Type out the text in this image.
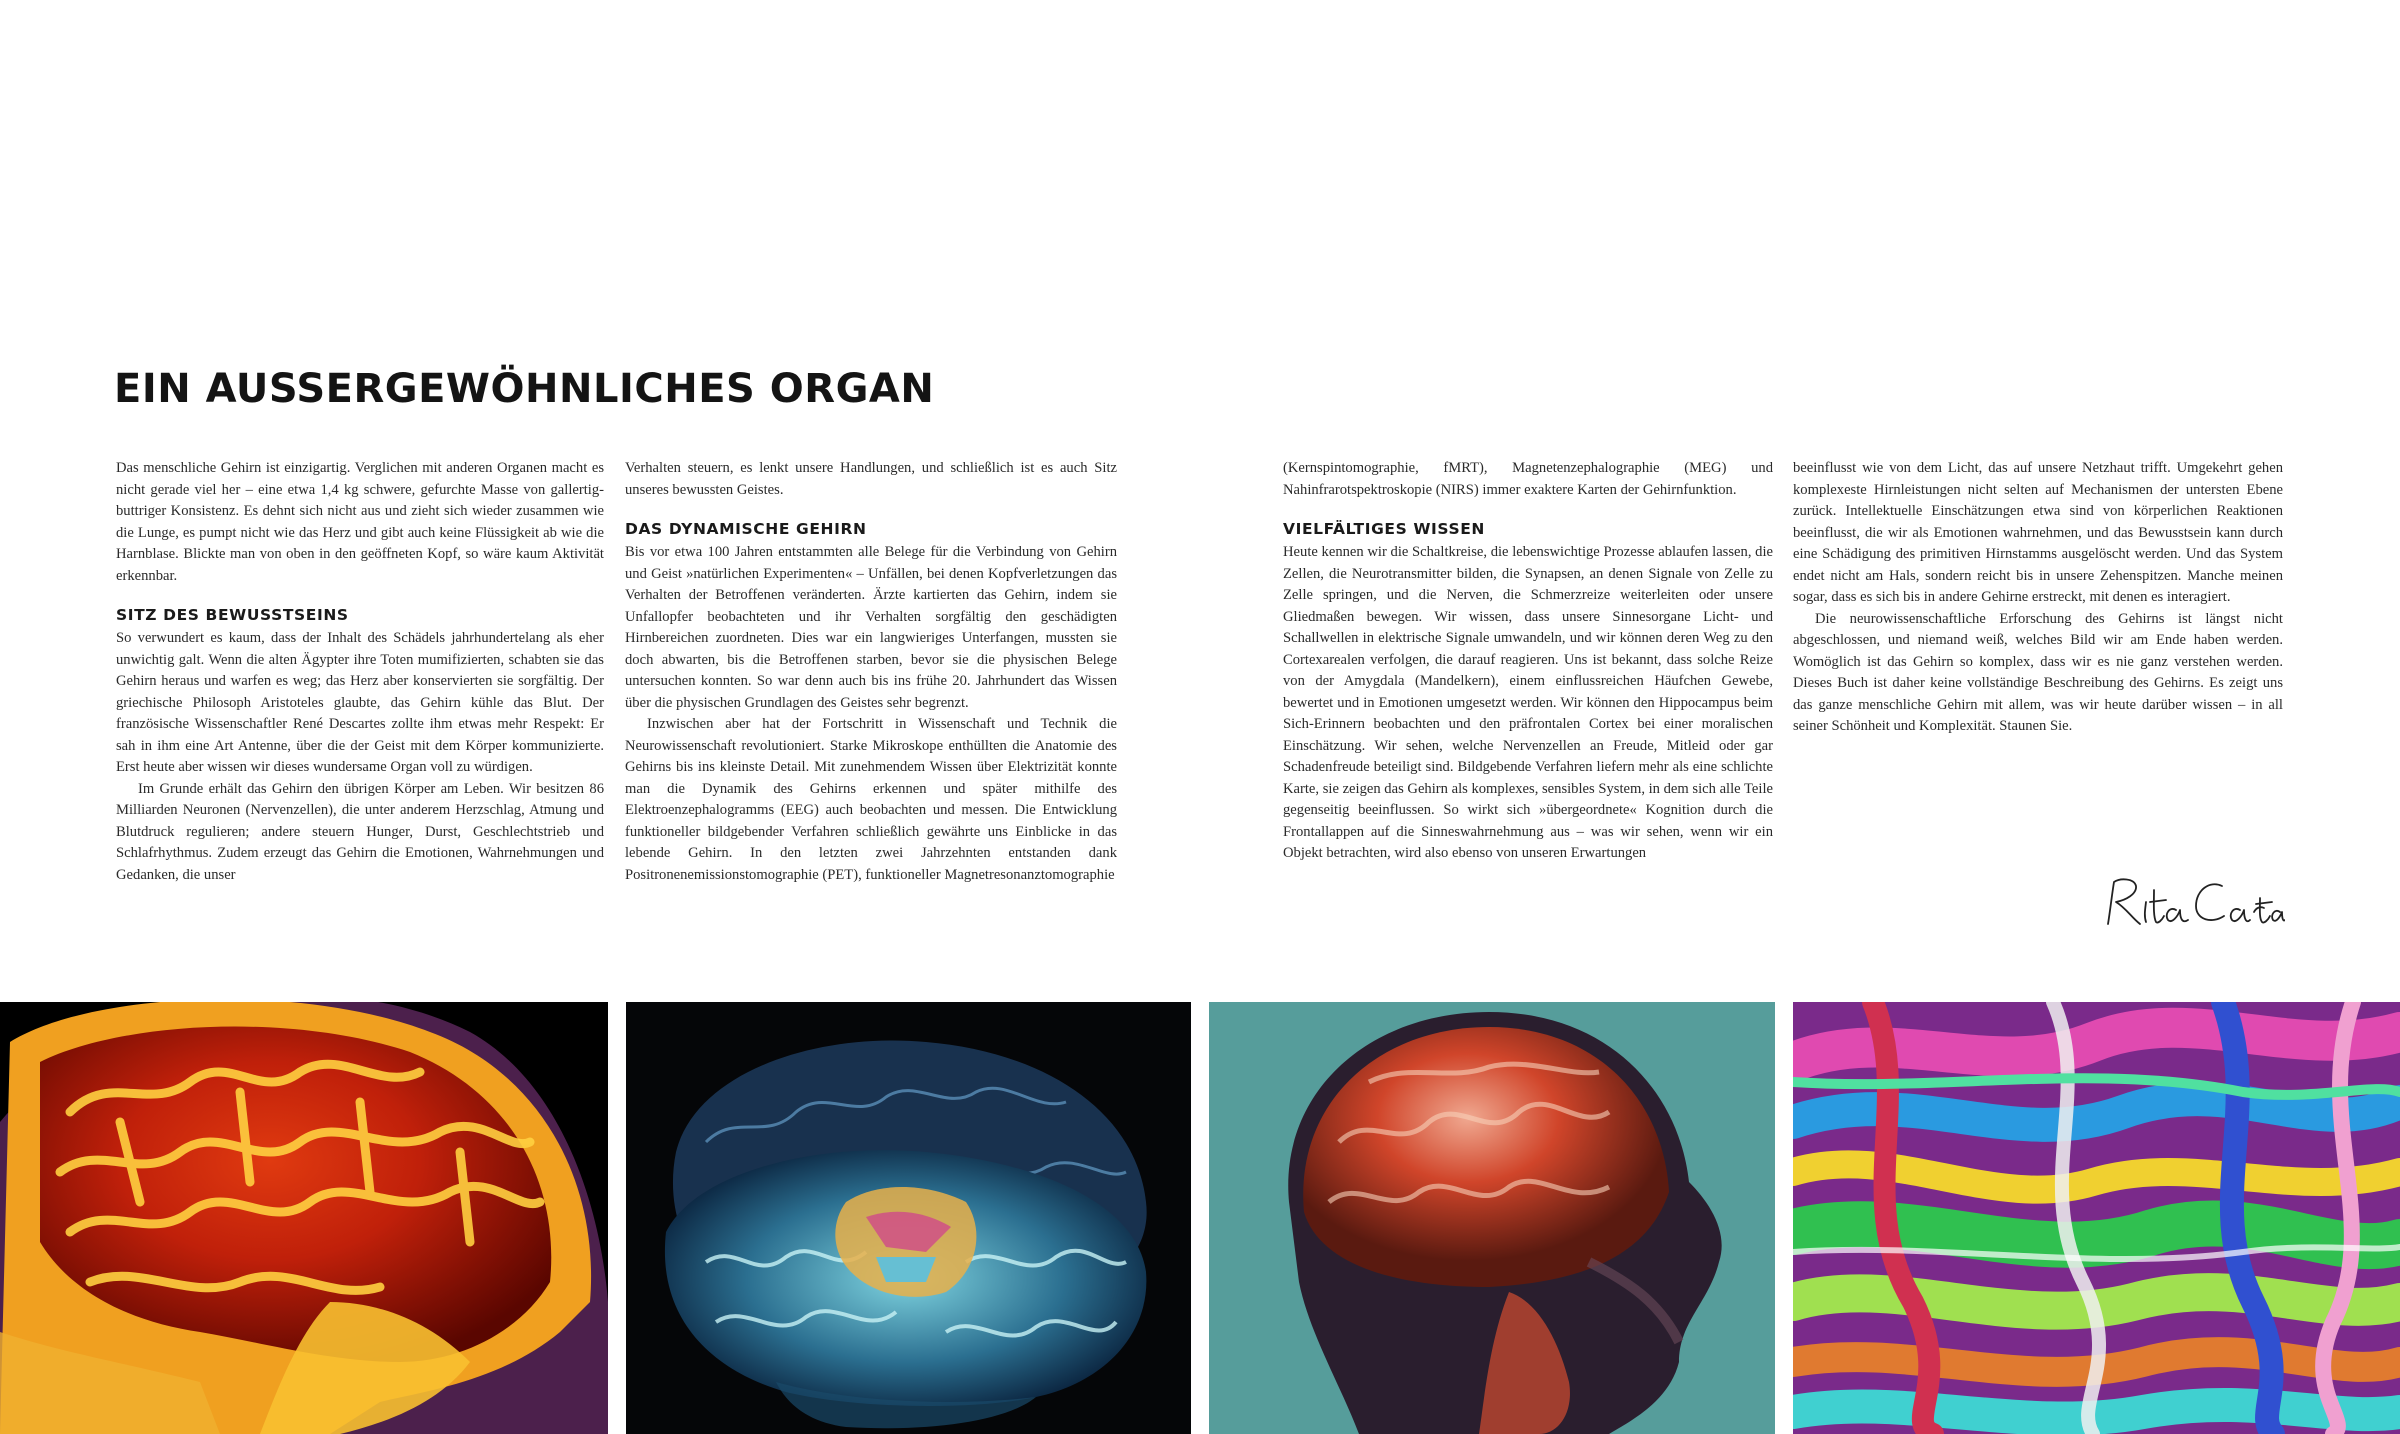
EIN AUSSERGEWÖHNLICHES ORGAN

Das menschliche Gehirn ist einzigartig. Verglichen mit anderen Organen macht es nicht gerade viel her – eine etwa 1,4 kg schwere, gefurchte Masse von gallertig-buttriger Konsistenz. Es dehnt sich nicht aus und zieht sich wieder zusammen wie die Lunge, es pumpt nicht wie das Herz und gibt auch keine Flüssigkeit ab wie die Harnblase. Blickte man von oben in den geöffneten Kopf, so wäre kaum Aktivität erkennbar.

SITZ DES BEWUSSTSEINS

So verwundert es kaum, dass der Inhalt des Schädels jahrhundertelang als eher unwichtig galt. Wenn die alten Ägypter ihre Toten mumifizierten, schabten sie das Gehirn heraus und warfen es weg; das Herz aber konservierten sie sorgfältig. Der griechische Philosoph Aristoteles glaubte, das Gehirn kühle das Blut. Der französische Wissenschaftler René Descartes zollte ihm etwas mehr Respekt: Er sah in ihm eine Art Antenne, über die der Geist mit dem Körper kommunizierte. Erst heute aber wissen wir dieses wundersame Organ voll zu würdigen.

Im Grunde erhält das Gehirn den übrigen Körper am Leben. Wir besitzen 86 Milliarden Neuronen (Nervenzellen), die unter anderem Herzschlag, Atmung und Blutdruck regulieren; andere steuern Hunger, Durst, Geschlechtstrieb und Schlafrhythmus. Zudem erzeugt das Gehirn die Emotionen, Wahrnehmungen und Gedanken, die unser

Verhalten steuern, es lenkt unsere Handlungen, und schließlich ist es auch Sitz unseres bewussten Geistes.

DAS DYNAMISCHE GEHIRN

Bis vor etwa 100 Jahren entstammten alle Belege für die Verbindung von Gehirn und Geist »natürlichen Experimenten« – Unfällen, bei denen Kopfverletzungen das Verhalten der Betroffenen veränderten. Ärzte kartierten das Gehirn, indem sie Unfallopfer beobachteten und ihr Verhalten sorgfältig den geschädigten Hirnbereichen zuordneten. Dies war ein langwieriges Unterfangen, mussten sie doch abwarten, bis die Betroffenen starben, bevor sie die physischen Belege untersuchen konnten. So war denn auch bis ins frühe 20. Jahrhundert das Wissen über die physischen Grundlagen des Geistes sehr begrenzt.

Inzwischen aber hat der Fortschritt in Wissenschaft und Technik die Neurowissenschaft revolutioniert. Starke Mikroskope enthüllten die Anatomie des Gehirns bis ins kleinste Detail. Mit zunehmendem Wissen über Elektrizität konnte man die Dynamik des Gehirns erkennen und später mithilfe des Elektroenzephalogramms (EEG) auch beobachten und messen. Die Entwicklung funktioneller bildgebender Verfahren schließlich gewährte uns Einblicke in das lebende Gehirn. In den letzten zwei Jahrzehnten entstanden dank Positronenemissionstomographie (PET), funktioneller Magnetresonanztomographie

(Kernspintomographie, fMRT), Magnetenzephalographie (MEG) und Nahinfrarotspektroskopie (NIRS) immer exaktere Karten der Gehirnfunktion.

VIELFÄLTIGES WISSEN

Heute kennen wir die Schaltkreise, die lebenswichtige Prozesse ablaufen lassen, die Zellen, die Neurotransmitter bilden, die Synapsen, an denen Signale von Zelle zu Zelle springen, und die Nerven, die Schmerzreize weiterleiten oder unsere Gliedmaßen bewegen. Wir wissen, dass unsere Sinnesorgane Licht- und Schallwellen in elektrische Signale umwandeln, und wir können deren Weg zu den Cortexarealen verfolgen, die darauf reagieren. Uns ist bekannt, dass solche Reize von der Amygdala (Mandelkern), einem einflussreichen Häufchen Gewebe, bewertet und in Emotionen umgesetzt werden. Wir können den Hippocampus beim Sich-Erinnern beobachten und den präfrontalen Cortex bei einer moralischen Einschätzung. Wir sehen, welche Nervenzellen an Freude, Mitleid oder gar Schadenfreude beteiligt sind. Bildgebende Verfahren liefern mehr als eine schlichte Karte, sie zeigen das Gehirn als komplexes, sensibles System, in dem sich alle Teile gegenseitig beeinflussen. So wirkt sich »übergeordnete« Kognition durch die Frontallappen auf die Sinneswahrnehmung aus – was wir sehen, wenn wir ein Objekt betrachten, wird also ebenso von unseren Erwartungen

beeinflusst wie von dem Licht, das auf unsere Netzhaut trifft. Umgekehrt gehen komplexeste Hirnleistungen nicht selten auf Mechanismen der untersten Ebene zurück. Intellektuelle Einschätzungen etwa sind von körperlichen Reaktionen beeinflusst, die wir als Emotionen wahrnehmen, und das Bewusstsein kann durch eine Schädigung des primitiven Hirnstamms ausgelöscht werden. Und das System endet nicht am Hals, sondern reicht bis in unsere Zehenspitzen. Manche meinen sogar, dass es sich bis in andere Gehirne erstreckt, mit denen es interagiert.

Die neurowissenschaftliche Erforschung des Gehirns ist längst nicht abgeschlossen, und niemand weiß, welches Bild wir am Ende haben werden. Womöglich ist das Gehirn so komplex, dass wir es nie ganz verstehen werden. Dieses Buch ist daher keine vollständige Beschreibung des Gehirns. Es zeigt uns das ganze menschliche Gehirn mit allem, was wir heute darüber wissen – in all seiner Schönheit und Komplexität. Staunen Sie.
